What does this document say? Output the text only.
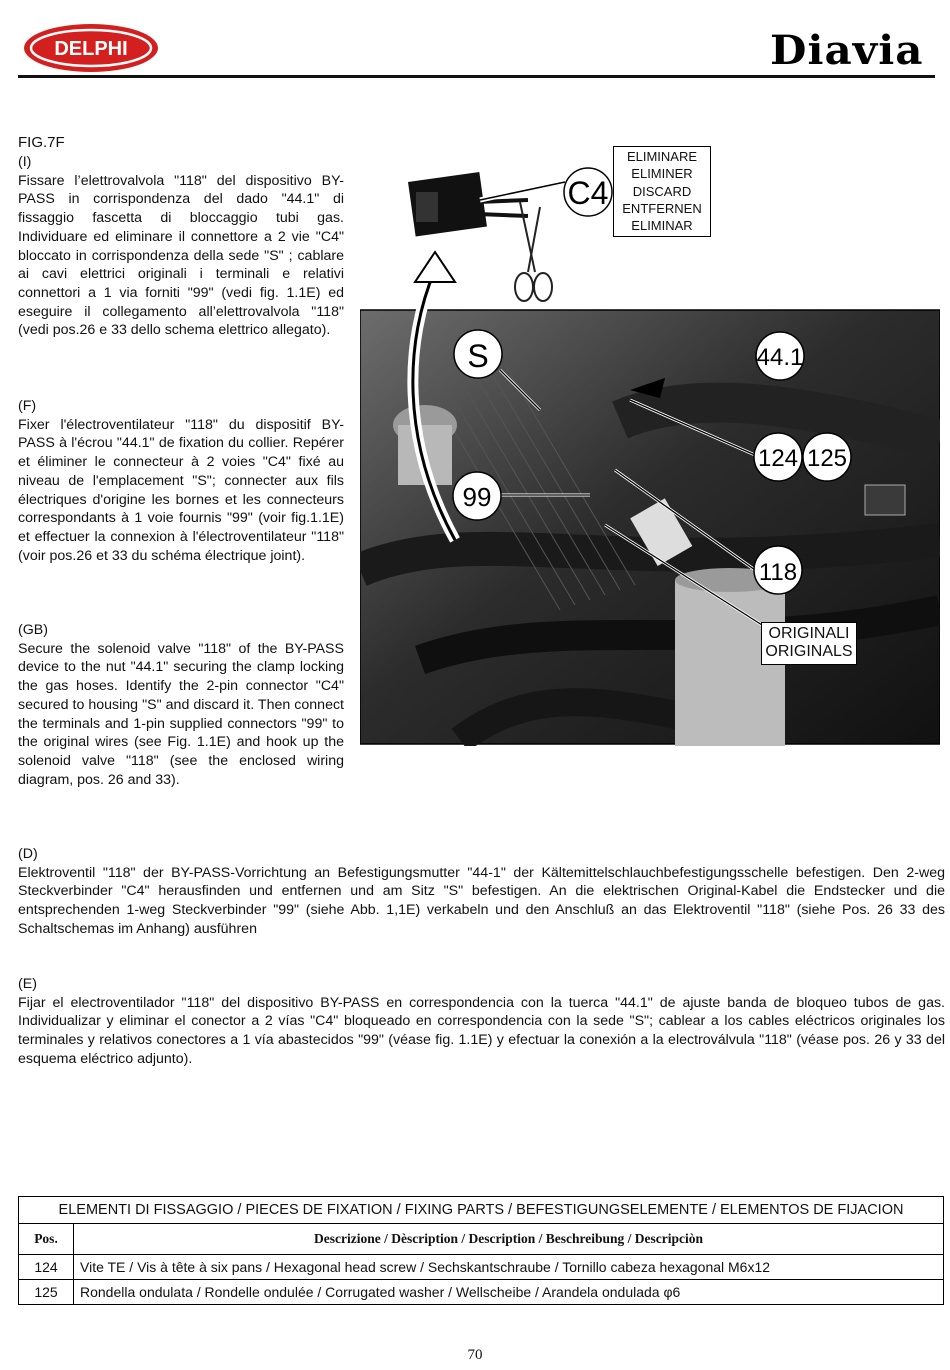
DELPHI	Diavia
FIG.7F
(I)
Fissare l’elettrovalvola "118" del dispositivo BY-PASS in corrispondenza del dado "44.1" di fissaggio fascetta di bloccaggio tubi gas. Individuare ed eliminare il connettore a 2 vie "C4" bloccato in corrispondenza della sede "S" ; cablare ai cavi elettrici originali i terminali e relativi connettori a 1 via forniti "99" (vedi fig. 1.1E) ed eseguire il collegamento all’elettrovalvola "118" (vedi pos.26 e 33 dello schema elettrico allegato).
(F)
Fixer l'électroventilateur "118" du dispositif BY-PASS à l'écrou "44.1" de fixation du collier. Repérer et éliminer le connecteur à 2 voies "C4" fixé au niveau de l'emplacement "S"; connecter aux fils électriques d'origine les bornes et les connecteurs correspondants à 1 voie fournis "99" (voir fig.1.1E) et effectuer la connexion à l'électroventilateur "118" (voir pos.26 et 33 du schéma électrique joint).
(GB)
Secure the solenoid valve "118" of the BY-PASS device to the nut "44.1" securing the clamp locking the gas hoses. Identify the 2-pin connector "C4" secured to housing "S" and discard it. Then connect the terminals and 1-pin supplied connectors "99" to the original wires (see Fig. 1.1E) and hook up the solenoid valve "118" (see the enclosed wiring diagram, pos. 26 and 33).
C4
S	44.1
124 125
99
118
ELIMINARE
ELIMINER
DISCARD
ENTFERNEN
ELIMINAR
ORIGINALI
ORIGINALS
(D)
Elektroventil "118" der BY-PASS-Vorrichtung an Befestigungsmutter "44-1" der Kältemittelschlauchbefestigungsschelle befestigen. Den 2-weg Steckverbinder "C4" herausfinden und entfernen und am Sitz "S" befestigen. An die elektrischen Original-Kabel die Endstecker und die entsprechenden 1-weg Steckverbinder "99" (siehe Abb. 1,1E) verkabeln und den Anschluß an das Elektroventil "118" (siehe Pos. 26 33 des Schaltschemas im Anhang) ausführen
(E)
Fijar el electroventilador "118" del dispositivo BY-PASS en correspondencia con la tuerca "44.1" de ajuste banda de bloqueo tubos de gas. Individualizar y eliminar el conector a 2 vías "C4" bloqueado en correspondencia con la sede "S"; cablear a los cables eléctricos originales los terminales y relativos conectores a 1 vía abastecidos "99" (véase fig. 1.1E) y efectuar la conexión a la electroválvula "118" (véase pos. 26 y 33 del esquema eléctrico adjunto).
ELEMENTI DI FISSAGGIO / PIECES DE FIXATION / FIXING PARTS / BEFESTIGUNGSELEMENTE / ELEMENTOS DE FIJACION	
Pos.	Descrizione / Dèscription / Description / Beschreibung / Descripciòn
124	Vite TE / Vis à tête à six pans / Hexagonal head screw / Sechskantschraube / Tornillo cabeza hexagonal M6x12
125	Rondella ondulata / Rondelle ondulée / Corrugated washer / Wellscheibe / Arandela ondulada φ6
70
